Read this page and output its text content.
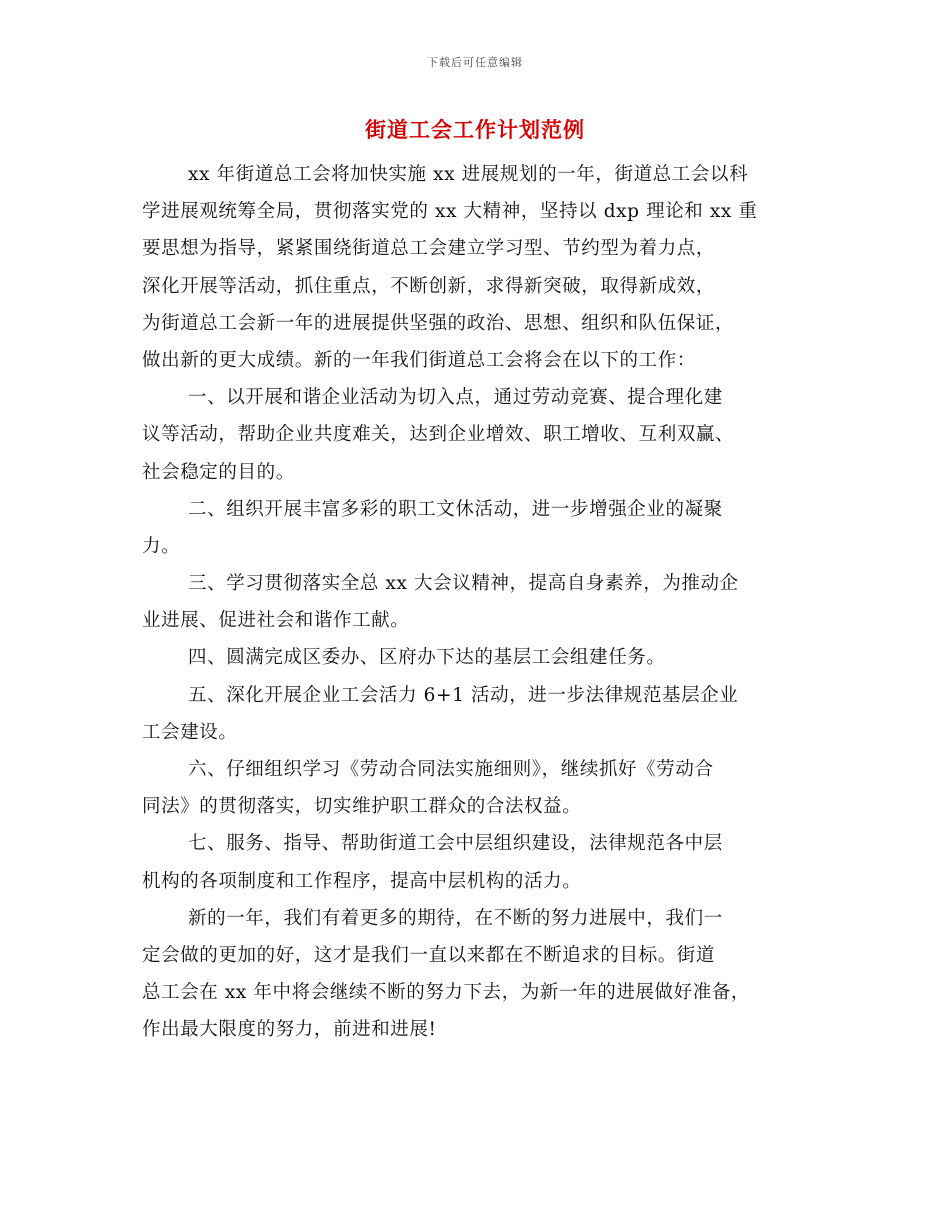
下载后可任意编辑
街道工会工作计划范例
xx 年街道总工会将加快实施 xx 进展规划的一年，街道总工会以科
学进展观统筹全局，贯彻落实党的 xx 大精神，坚持以 dxp 理论和 xx 重
要思想为指导，紧紧围绕街道总工会建立学习型、节约型为着力点，
深化开展等活动，抓住重点，不断创新，求得新突破，取得新成效，
为街道总工会新一年的进展提供坚强的政治、思想、组织和队伍保证，
做出新的更大成绩。新的一年我们街道总工会将会在以下的工作：
一、以开展和谐企业活动为切入点，通过劳动竞赛、提合理化建
议等活动，帮助企业共度难关，达到企业增效、职工增收、互利双赢、
社会稳定的目的。
二、组织开展丰富多彩的职工文休活动，进一步增强企业的凝聚
力。
三、学习贯彻落实全总 xx 大会议精神，提高自身素养，为推动企
业进展、促进社会和谐作工献。
四、圆满完成区委办、区府办下达的基层工会组建任务。
五、深化开展企业工会活力 6+1 活动，进一步法律规范基层企业
工会建设。
六、仔细组织学习《劳动合同法实施细则》，继续抓好《劳动合
同法》的贯彻落实，切实维护职工群众的合法权益。
七、服务、指导、帮助街道工会中层组织建设，法律规范各中层
机构的各项制度和工作程序，提高中层机构的活力。
新的一年，我们有着更多的期待，在不断的努力进展中，我们一
定会做的更加的好，这才是我们一直以来都在不断追求的目标。街道
总工会在 xx 年中将会继续不断的努力下去，为新一年的进展做好准备，
作出最大限度的努力，前进和进展!
